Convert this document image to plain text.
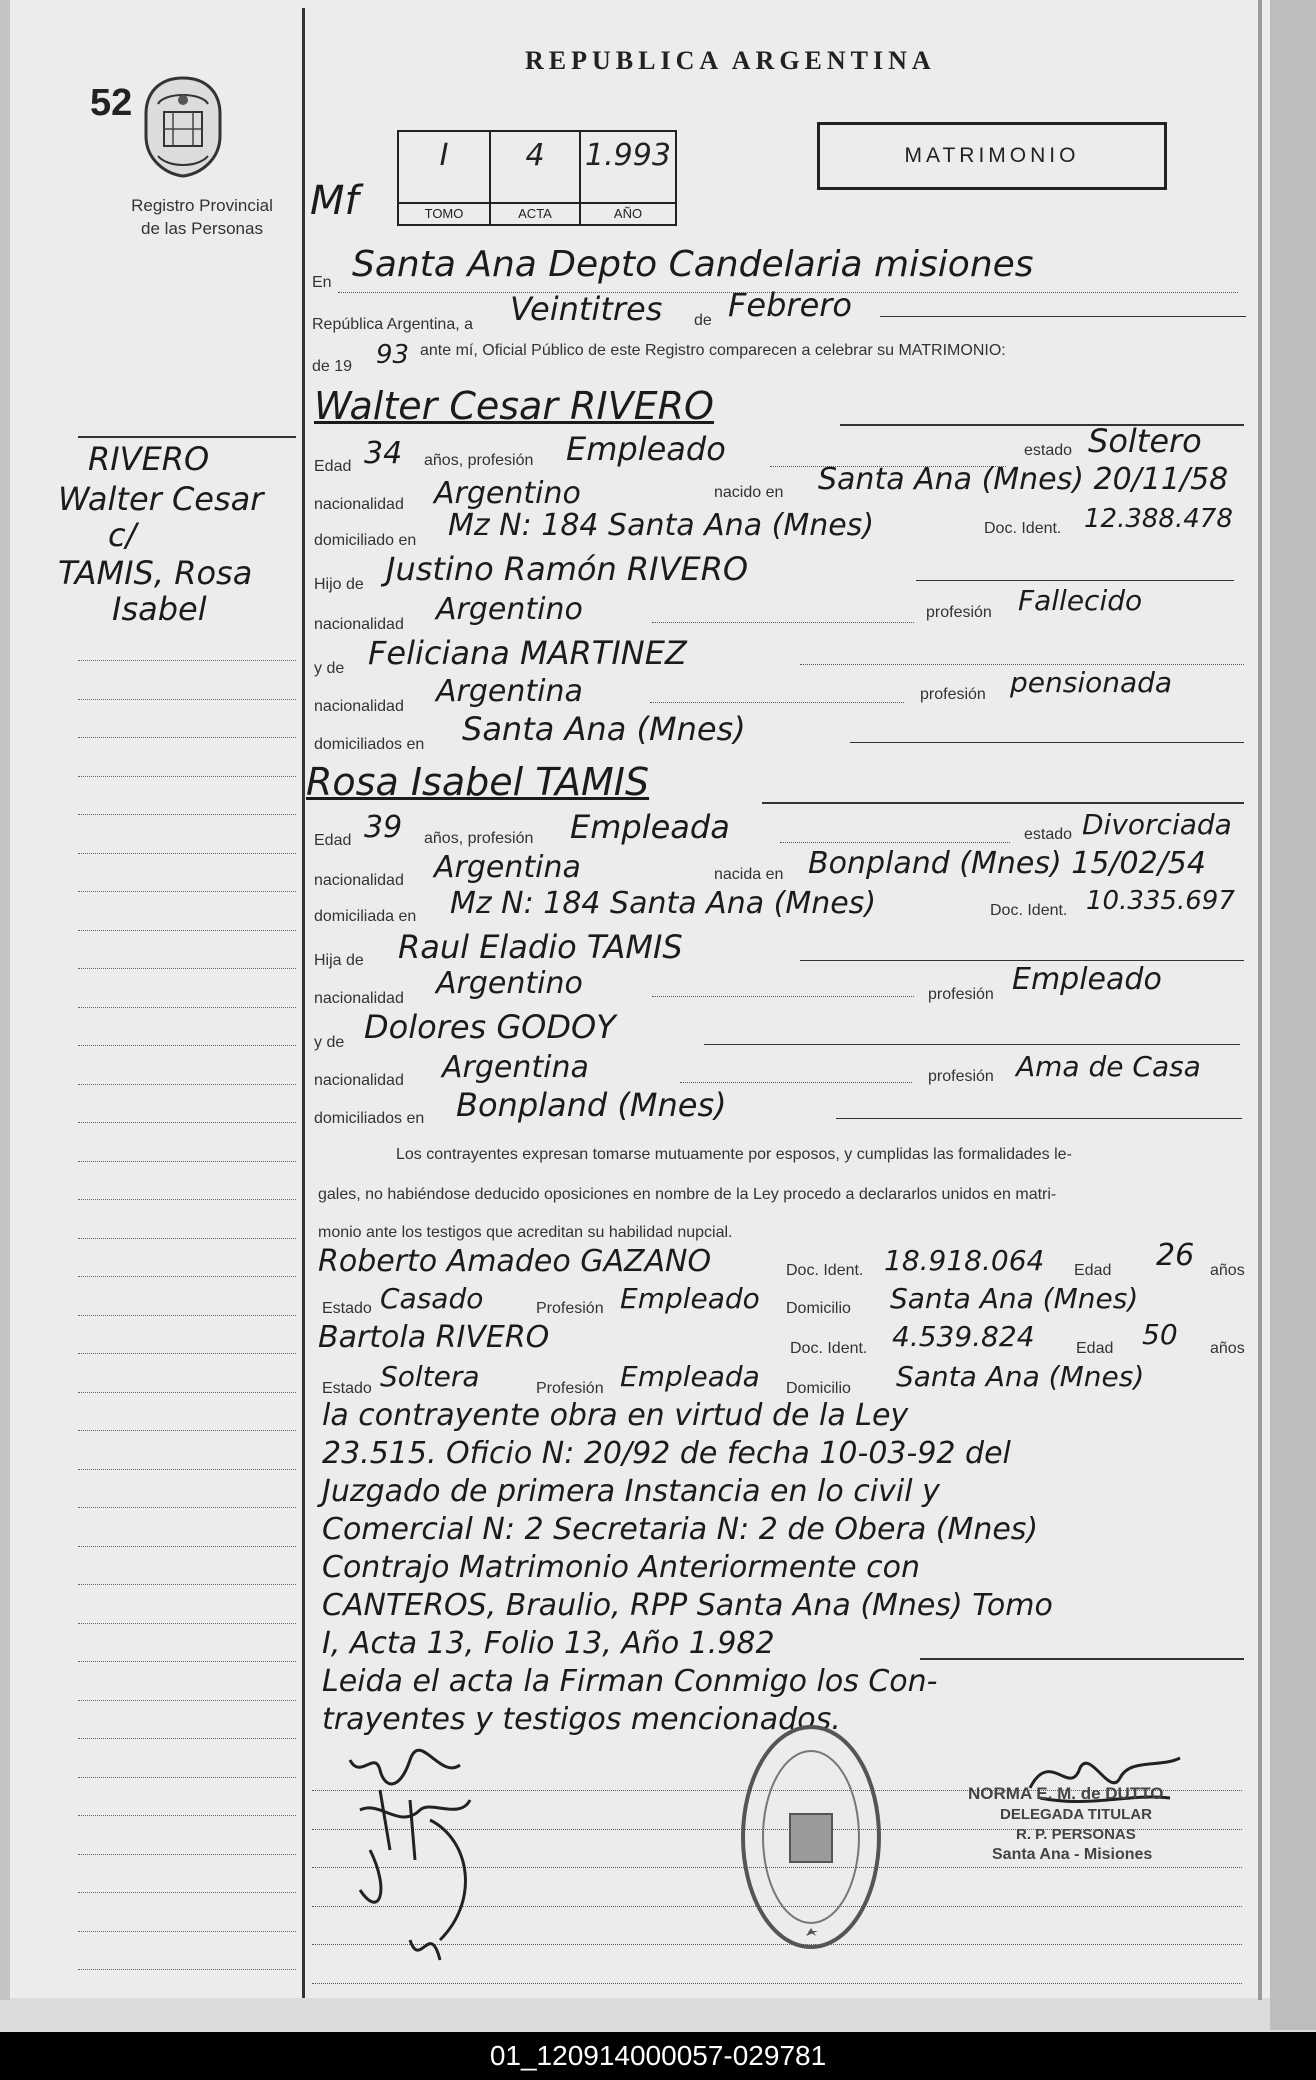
52
REPUBLICA ARGENTINA
Registro Provincial
de las Personas
Mf
I
TOMO
4
ACTA
1.993
AÑO
MATRIMONIO
RIVERO
Walter Cesar
c/
TAMIS, Rosa
Isabel
En Santa Ana Depto Candelaria misiones
República Argentina, a Veintitres de Febrero
de 19 93 ante mí, Oficial Público de este Registro comparecen a celebrar su MATRIMONIO:
Walter Cesar RIVERO
Edad 34 años, profesión Empleado	estado Soltero
nacionalidad Argentino	nacido en Santa Ana (Mnes) 20/11/58
domiciliado en Mz N: 184 Santa Ana (Mnes)	Doc. Ident. 12.388.478
Hijo de Justino Ramón RIVERO
nacionalidad Argentino	profesión Fallecido
y de Feliciana MARTINEZ
nacionalidad Argentina	profesión pensionada
domiciliados en Santa Ana (Mnes)
Rosa Isabel TAMIS
Edad 39 años, profesión Empleada	estado Divorciada
nacionalidad Argentina	nacida en Bonpland (Mnes) 15/02/54
domiciliada en Mz N: 184 Santa Ana (Mnes)	Doc. Ident. 10.335.697
Hija de Raul Eladio TAMIS
nacionalidad Argentino	profesión Empleado
y de Dolores GODOY
nacionalidad Argentina	profesión Ama de Casa
domiciliados en Bonpland (Mnes)
Los contrayentes expresan tomarse mutuamente por esposos, y cumplidas las formalidades le-
gales, no habiéndose deducido oposiciones en nombre de la Ley procedo a declararlos unidos en matri-
monio ante los testigos que acreditan su habilidad nupcial.
Roberto Amadeo GAZANO	Doc. Ident. 18.918.064 Edad 26 años
Estado Casado	Profesión Empleado Domicilio Santa Ana (Mnes)
Bartola RIVERO	Doc. Ident. 4.539.824	Edad 50 años
Estado Soltera	Profesión Empleada Domicilio Santa Ana (Mnes)
la contrayente obra en virtud de la Ley
23.515. Oficio N: 20/92 de fecha 10-03-92 del
Juzgado de primera Instancia en lo civil y
Comercial N: 2 Secretaria N: 2 de Obera (Mnes)
Contrajo Matrimonio Anteriormente con
CANTEROS, Braulio, RPP Santa Ana (Mnes) Tomo
I, Acta 13, Folio 13, Año 1.982
Leida el acta la Firman Conmigo los Con-
trayentes y testigos mencionados.
NORMA E. M. de DUTTO
DELEGADA TITULAR
R. P. PERSONAS
Santa Ana - Misiones
01_120914000057-029781
